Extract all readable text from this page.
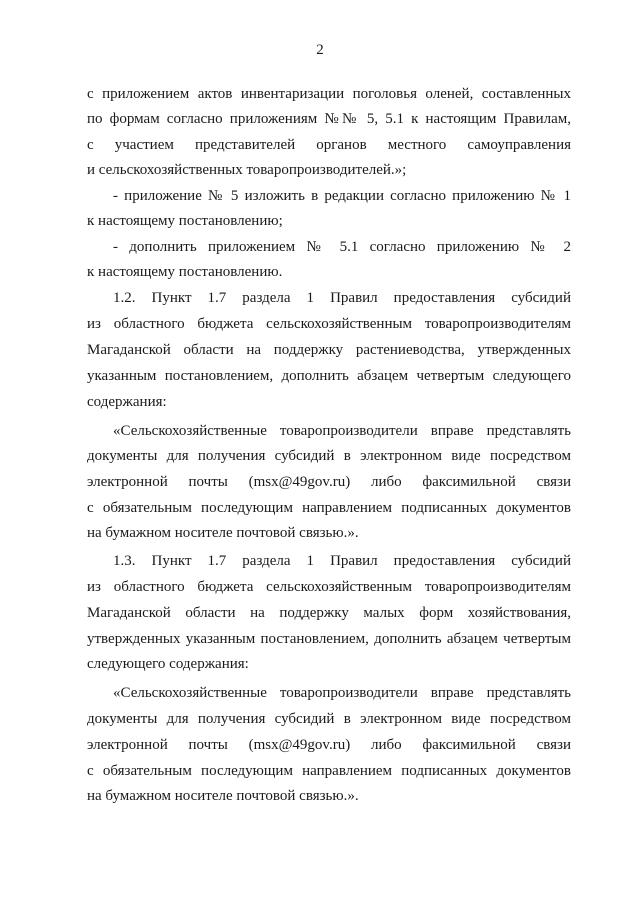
2
с приложением актов инвентаризации поголовья оленей, составленных
по формам согласно приложениям №№ 5, 5.1 к настоящим Правилам,
с участием представителей органов местного самоуправления
и сельскохозяйственных товаропроизводителей.»;
- приложение № 5 изложить в редакции согласно приложению № 1
к настоящему постановлению;
- дополнить приложением № 5.1 согласно приложению № 2
к настоящему постановлению.
1.2. Пункт 1.7 раздела 1 Правил предоставления субсидий
из областного бюджета сельскохозяйственным товаропроизводителям
Магаданской области на поддержку растениеводства, утвержденных
указанным постановлением, дополнить абзацем четвертым следующего
содержания:
«Сельскохозяйственные товаропроизводители вправе представлять
документы для получения субсидий в электронном виде посредством
электронной почты (msx@49gov.ru) либо факсимильной связи
с обязательным последующим направлением подписанных документов
на бумажном носителе почтовой связью.».
1.3. Пункт 1.7 раздела 1 Правил предоставления субсидий
из областного бюджета сельскохозяйственным товаропроизводителям
Магаданской области на поддержку малых форм хозяйствования,
утвержденных указанным постановлением, дополнить абзацем четвертым
следующего содержания:
«Сельскохозяйственные товаропроизводители вправе представлять
документы для получения субсидий в электронном виде посредством
электронной почты (msx@49gov.ru) либо факсимильной связи
с обязательным последующим направлением подписанных документов
на бумажном носителе почтовой связью.».
